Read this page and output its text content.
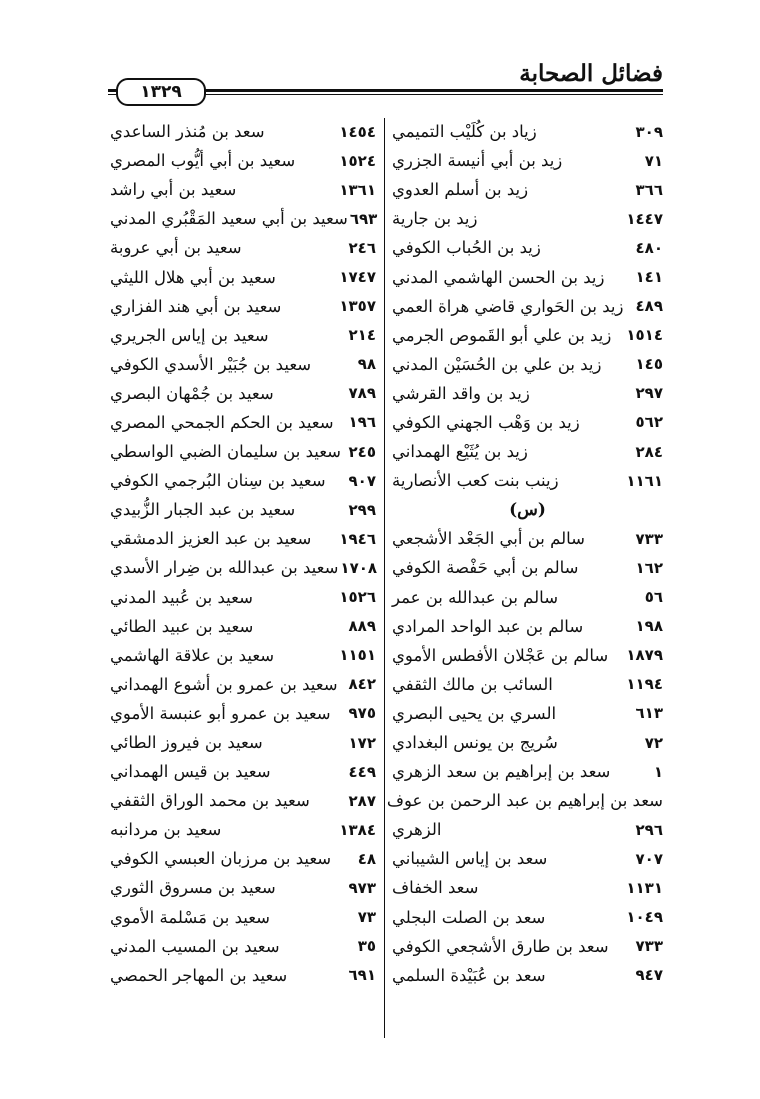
فضائل الصحابة
١٣٢٩
زياد بن كُلَيْب التميمي	٣٠٩
زيد بن أبي أنيسة الجزري	٧١
زيد بن أسلم العدوي	٣٦٦
زيد بن جارية	١٤٤٧
زيد بن الحُباب الكوفي	٤٨٠
زيد بن الحسن الهاشمي المدني ١٤١
زيد بن الحَواري قاضي هراة العمي ٤٨٩
زيد بن علي أبو القَموص الجرمي ١٥١٤
زيد بن علي بن الحُسَيْن المدني ١٤٥
زيد بن واقد القرشي	٢٩٧
زيد بن وَهْب الجهني الكوفي	٥٦٢
زيد بن يُثَيْع الهمداني	٢٨٤
زينب بنت كعب الأنصارية	١١٦١
(س)
سالم بن أبي الجَعْد الأشجعي	٧٣٣
سالم بن أبي حَفْصة الكوفي	١٦٢
سالم بن عبدالله بن عمر	٥٦
سالم بن عبد الواحد المرادي	١٩٨
سالم بن عَجْلان الأفطس الأموي ١٨٧٩
السائب بن مالك الثقفي	١١٩٤
السري بن يحيى البصري	٦١٣
سُريج بن يونس البغدادي	٧٢
سعد بن إبراهيم بن سعد الزهري	١
سعد بن إبراهيم بن عبد الرحمن بن عوف
الزهري	٢٩٦
سعد بن إياس الشيباني	٧٠٧
سعد الخفاف	١١٣١
سعد بن الصلت البجلي	١٠٤٩
سعد بن طارق الأشجعي الكوفي ٧٣٣
سعد بن عُبَيْدة السلمي	٩٤٧
سعد بن مُنذر الساعدي	١٤٥٤
سعيد بن أبي أيُّوب المصري	١٥٢٤
سعيد بن أبي راشد	١٣٦١
سعيد بن أبي سعيد المَقْبُري المدني ٦٩٣
سعيد بن أبي عروبة	٢٤٦
سعيد بن أبي هلال الليثي	١٧٤٧
سعيد بن أبي هند الفزاري	١٣٥٧
سعيد بن إياس الجريري	٢١٤
سعيد بن جُبَيْر الأسدي الكوفي	٩٨
سعيد بن جُمْهان البصري	٧٨٩
سعيد بن الحكم الجمحي المصري ١٩٦
سعيد بن سليمان الضبي الواسطي ٢٤٥
سعيد بن سِنان البُرجمي الكوفي ٩٠٧
سعيد بن عبد الجبار الزُّبيدي	٢٩٩
سعيد بن عبد العزيز الدمشقي ١٩٤٦
سعيد بن عبدالله بن ضِرار الأسدي ١٧٠٨
سعيد بن عُبيد المدني	١٥٢٦
سعيد بن عبيد الطائي	٨٨٩
سعيد بن علاقة الهاشمي	١١٥١
سعيد بن عمرو بن أشوع الهمداني ٨٤٢
سعيد بن عمرو أبو عنبسة الأموي ٩٧٥
سعيد بن فيروز الطائي	١٧٢
سعيد بن قيس الهمداني	٤٤٩
سعيد بن محمد الوراق الثقفي	٢٨٧
سعيد بن مردانبه	١٣٨٤
سعيد بن مرزبان العبسي الكوفي ٤٨
سعيد بن مسروق الثوري	٩٧٣
سعيد بن مَسْلمة الأموي	٧٣
سعيد بن المسيب المدني	٣٥
سعيد بن المهاجر الحمصي	٦٩١
